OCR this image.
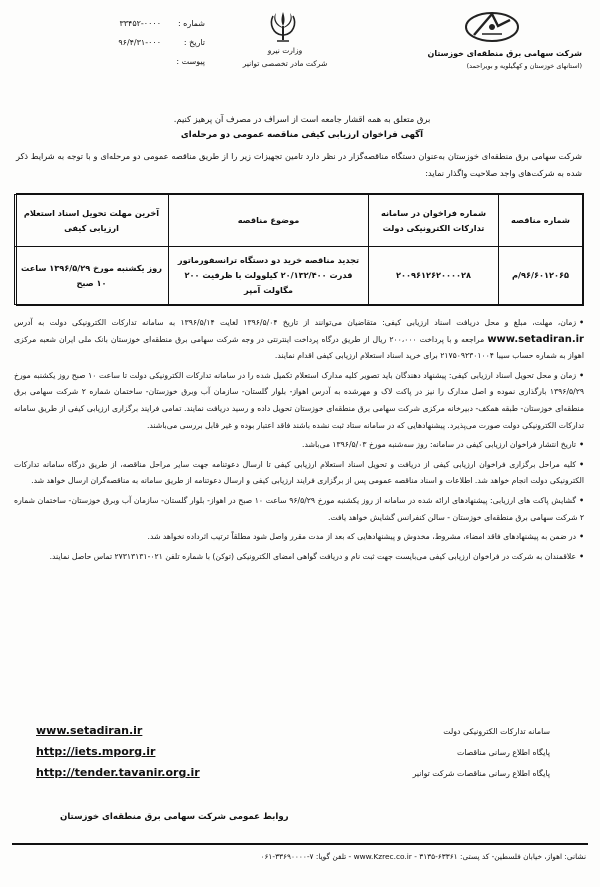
شماره :
۳۳۴۵۲-۰۰۰۰
تاریخ :
۹۶/۴/۳۱-۰۰۰
پیوست :
وزارت نیرو
شرکت مادر تخصصی توانیر
شرکت سهامی برق منطقه‌ای خوزستان
(استانهای خوزستان و کهگیلویه و بویراحمد)
برق متعلق به همه اقشار جامعه است از اسراف در مصرف آن پرهیز کنیم.
آگهی فراخوان ارزیابی کیفی مناقصه عمومی دو مرحله‌ای
شرکت سهامی برق منطقه‌ای خوزستان به‌عنوان دستگاه مناقصه‌گزار در نظر دارد تامین تجهیزات زیر را از طریق مناقصه عمومی دو مرحله‌ای و با توجه به شرایط ذکر شده به شرکت‌های واجد صلاحیت واگذار نماید:
شماره مناقصه	شماره فراخوان در سامانه تدارکات الکترونیکی دولت	موضوع مناقصه	آخرین مهلت تحویل اسناد استعلام ارزیابی کیفی
۹۶/۶۰۱۲۰۶۵/م	۲۰۰۹۶۱۲۶۲۰۰۰۰۲۸	تجدید مناقصه خرید دو دستگاه ترانسفورماتور قدرت ۲۰/۱۳۲/۴۰۰ کیلوولت با ظرفیت ۲۰۰ مگاولت آمپر	روز یکشنبه مورخ ۱۳۹۶/۵/۲۹ ساعت ۱۰ صبح
•زمان، مهلت، مبلغ و محل دریافت اسناد ارزیابی کیفی: متقاضیان می‌توانند از تاریخ ۱۳۹۶/۵/۰۴ لغایت ۱۳۹۶/۵/۱۴ به سامانه تدارکات الکترونیکی دولت به آدرس www.setadiran.ir مراجعه و با پرداخت ۲۰۰،۰۰۰ ریال از طریق درگاه پرداخت اینترنتی در وجه شرکت سهامی برق منطقه‌ای خوزستان بانک ملی ایران شعبه مرکزی اهواز به شماره حساب سیبا ۲۱۷۵۰۹۲۳۰۱۰۰۴ برای خرید اسناد استعلام ارزیابی کیفی اقدام نمایند.
•زمان و محل تحویل اسناد ارزیابی کیفی: پیشنهاد دهندگان باید تصویر کلیه مدارک استعلام تکمیل شده را در سامانه تدارکات الکترونیکی دولت تا ساعت ۱۰ صبح روز یکشنبه مورخ ۱۳۹۶/۵/۲۹ بارگذاری نموده و اصل مدارک را نیز در پاکت لاک و مهرشده به آدرس اهواز- بلوار گلستان- سازمان آب وبرق خوزستان- ساختمان شماره ۲ شرکت سهامی برق منطقه‌ای خوزستان- طبقه همکف- دبیرخانه مرکزی شرکت سهامی برق منطقه‌ای خوزستان تحویل داده و رسید دریافت نمایند. تمامی فرایند برگزاری ارزیابی کیفی از طریق سامانه تدارکات الکترونیکی دولت صورت می‌پذیرد. پیشنهادهایی که در سامانه ستاد ثبت نشده باشند فاقد اعتبار بوده و غیر قابل بررسی می‌باشند.
•تاریخ انتشار فراخوان ارزیابی کیفی در سامانه: روز سه‌شنبه مورخ ۱۳۹۶/۵/۰۳ می‌باشد.
•کلیه مراحل برگزاری فراخوان ارزیابی کیفی از دریافت و تحویل اسناد استعلام ارزیابی کیفی تا ارسال دعوتنامه جهت سایر مراحل مناقصه، از طریق درگاه سامانه تدارکات الکترونیکی دولت انجام خواهد شد. اطلاعات و اسناد مناقصه عمومی پس از برگزاری فرایند ارزیابی کیفی و ارسال دعوتنامه از طریق سامانه به مناقصه‌گران ارسال خواهد شد.
•گشایش پاکت های ارزیابی: پیشنهادهای ارائه شده در سامانه از روز یکشنبه مورخ ۹۶/۵/۲۹ ساعت ۱۰ صبح در اهواز- بلوار گلستان- سازمان آب وبرق خوزستان- ساختمان شماره ۲ شرکت سهامی برق منطقه‌ای خوزستان - سالن کنفرانس گشایش خواهد یافت.
•در ضمن به پیشنهادهای فاقد امضاء، مشروط، مخدوش و پیشنهادهایی که بعد از مدت مقرر واصل شود مطلقاً ترتیب اثرداده نخواهد شد.
•علاقمندان به شرکت در فراخوان ارزیابی کیفی می‌بایست جهت ثبت نام و دریافت گواهی امضای الکترونیکی (توکن) با شماره تلفن ۰۲۱-۲۷۳۱۳۱۳۱ تماس حاصل نمایند.
www.setadiran.ir	سامانه تدارکات الکترونیکی دولت
http://iets.mporg.ir	پایگاه اطلاع رسانی مناقصات
http://tender.tavanir.org.ir	پایگاه اطلاع رسانی مناقصات شرکت توانیر
روابط عمومی شرکت سهامی برق منطقه‌ای خوزستان
نشانی: اهواز، خیابان فلسطین- کد پستی: ۶۳۳۶۱-۳۱۳۵ - www.Kzrec.co.ir - تلفن گویا: ۷-۳۳۶۹۰۰۰۰-۰۶۱
